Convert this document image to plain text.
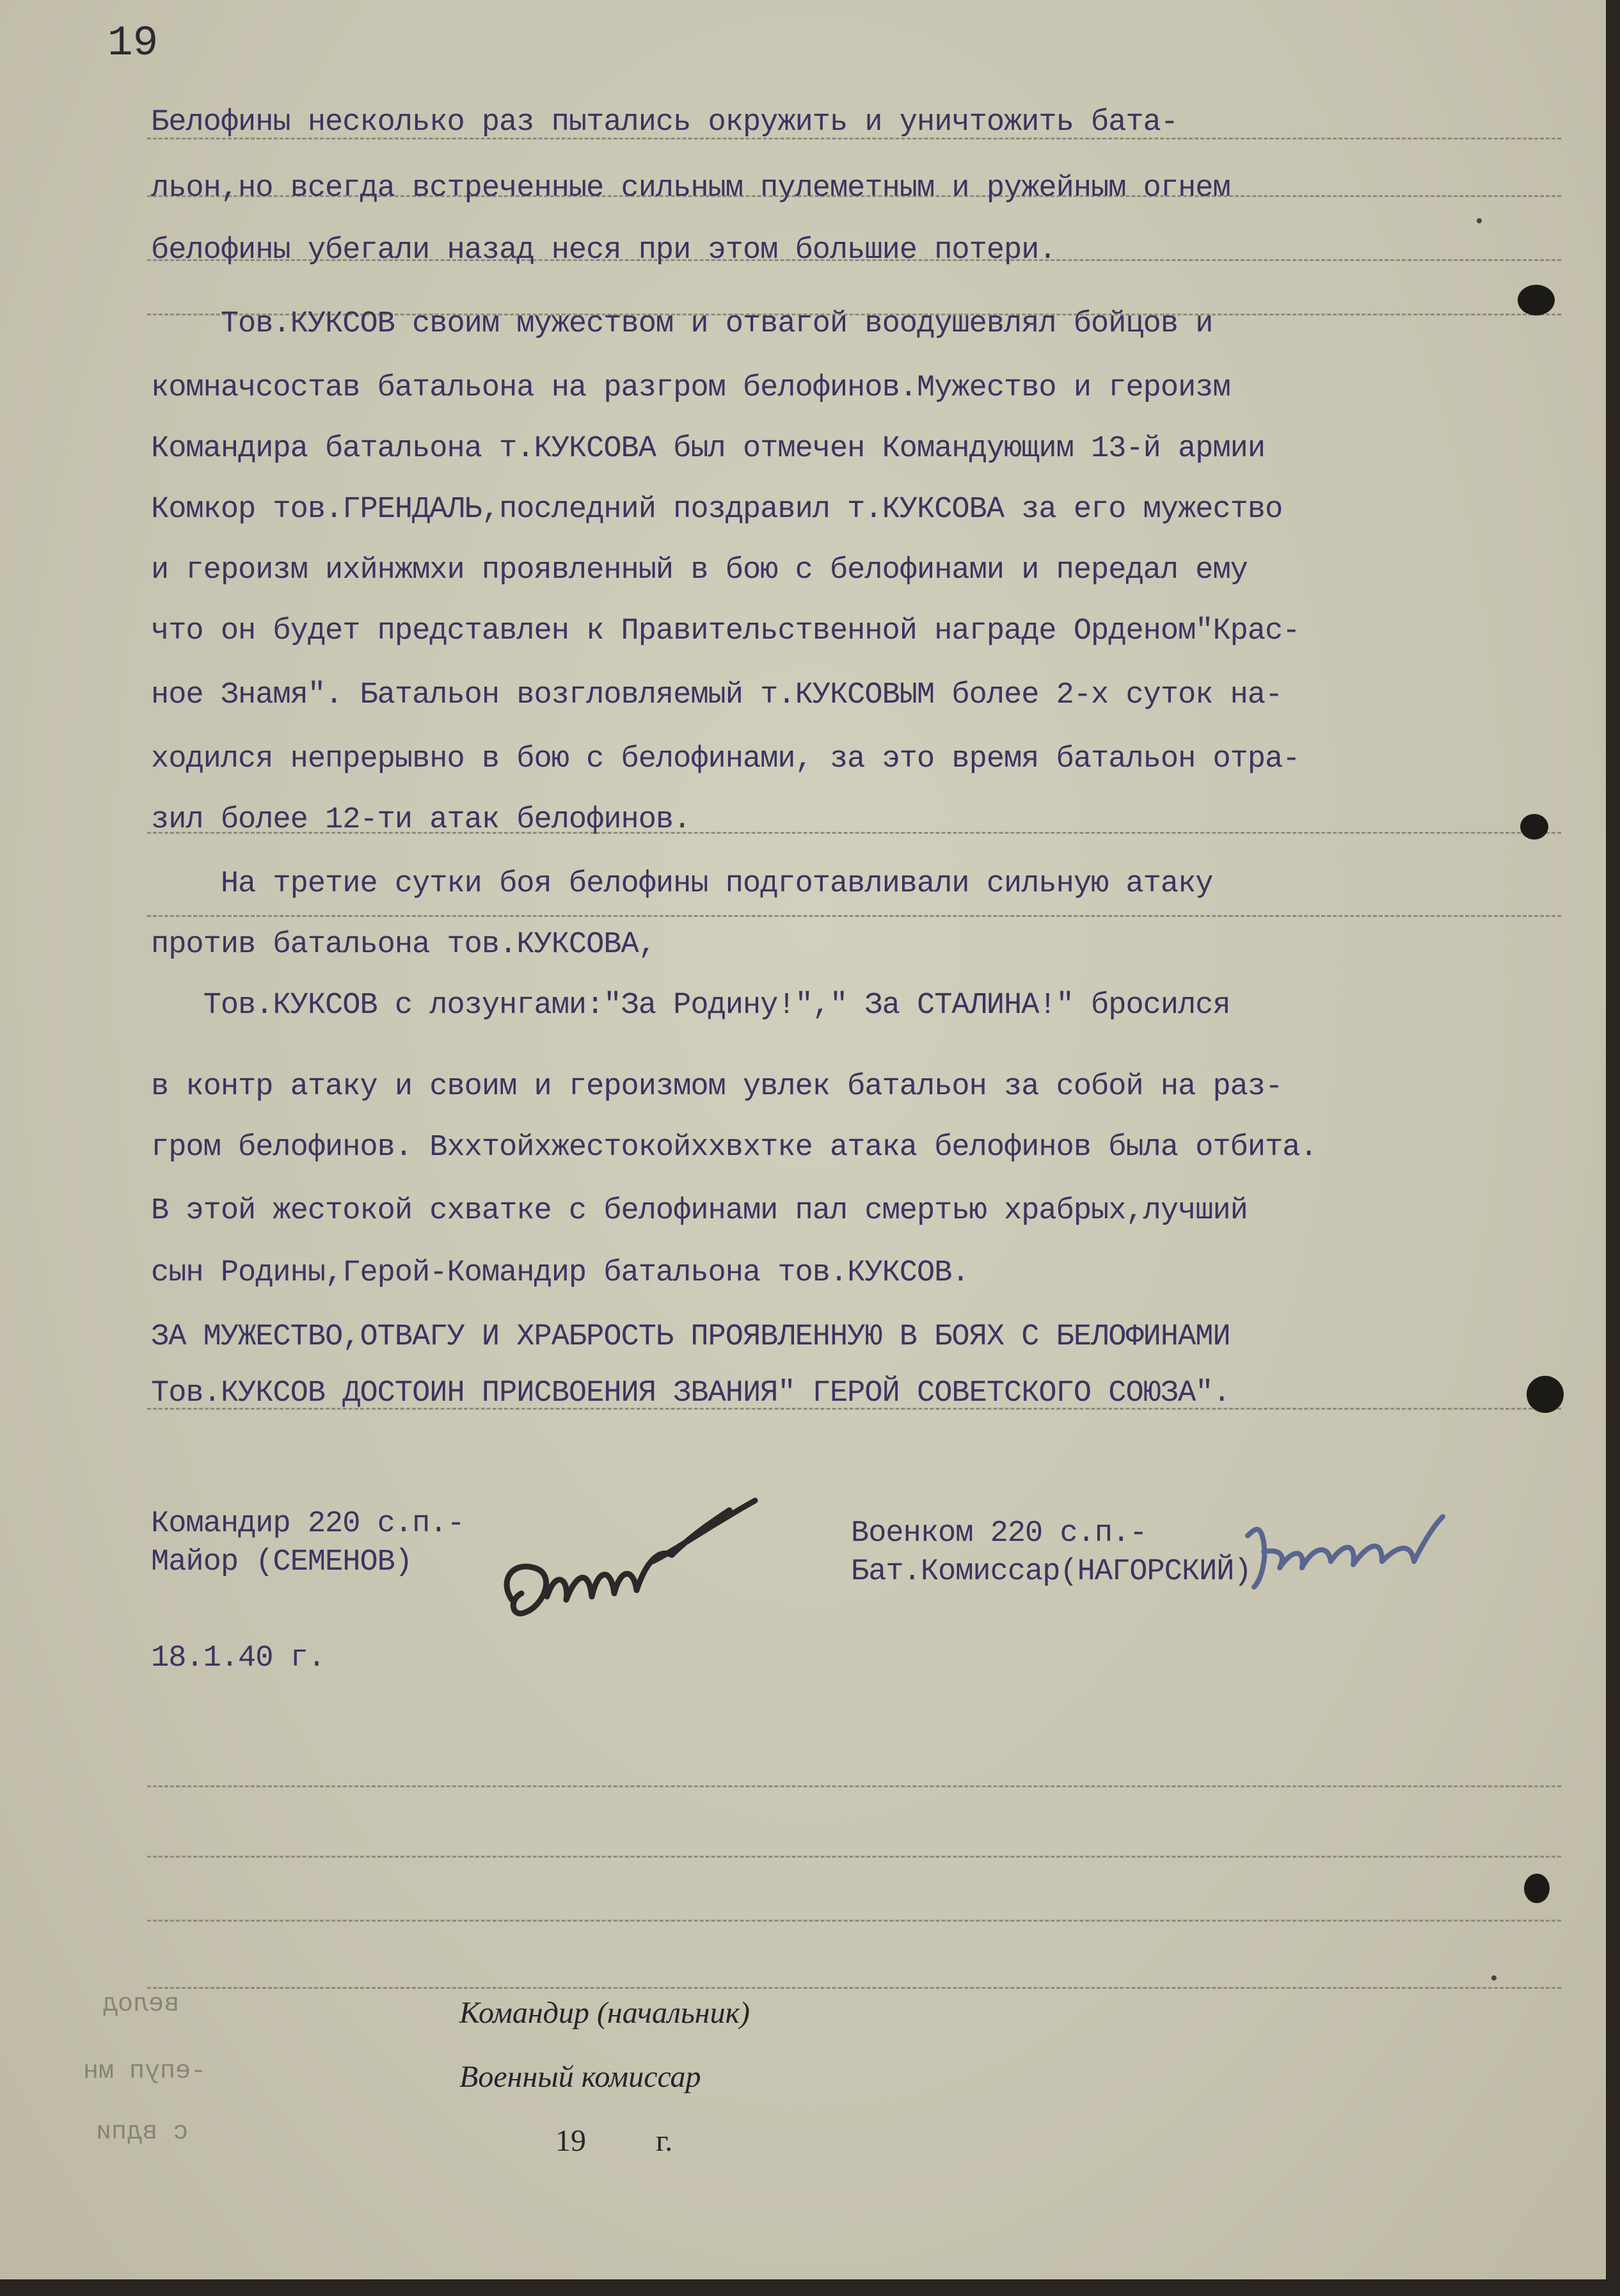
19
Белофины несколько раз пытались окружить и уничтожить бата-
льон,но всегда встреченные сильным пулеметным и ружейным огнем
белофины убегали назад неся при этом большие потери.
Тов.КУКСОВ своим мужеством и отвагой воодушевлял бойцов и
комначсостав батальона на разгром белофинов.Мужество и героизм
Командира батальона т.КУКСОВА был отмечен Командующим 13-й армии
Комкор тов.ГРЕНДАЛЬ,последний поздравил т.КУКСОВА за его мужество
и героизм ихйнжмхи проявленный в бою с белофинами и передал ему
что он будет представлен к Правительственной награде Орденом"Крас-
ное Знамя". Батальон возгловляемый т.КУКСОВЫМ более 2-х суток на-
ходился непрерывно в бою с белофинами, за это время батальон отра-
зил более 12-ти атак белофинов.
На третие сутки боя белофины подготавливали сильную атаку
против батальона тов.КУКСОВА,
Тов.КУКСОВ с лозунгами:"За Родину!"," За СТАЛИНА!" бросился
в контр атаку и своим и героизмом увлек батальон за собой на раз-
гром белофинов. Вххтойхжестокойххвхтке атака белофинов была отбита.
В этой жестокой схватке с белофинами пал смертью храбрых,лучший
сын Родины,Герой-Командир батальона тов.КУКСОВ.
ЗА МУЖЕСТВО,ОТВАГУ И ХРАБРОСТЬ ПРОЯВЛЕННУЮ В БОЯХ С БЕЛОФИНАМИ
Тов.КУКСОВ ДОСТОИН ПРИСВОЕНИЯ ЗВАНИЯ" ГЕРОЙ СОВЕТСКОГО СОЮЗА".
Командир 220 с.п.-
Майор (СЕМЕНОВ)
Военком 220 с.п.-
Бат.Комиссар(НАГОРСКИЙ)
18.1.40 г.
Командир (начальник)
Военный комиссар
19 г.
велод
-епуп мн
с вдпи
